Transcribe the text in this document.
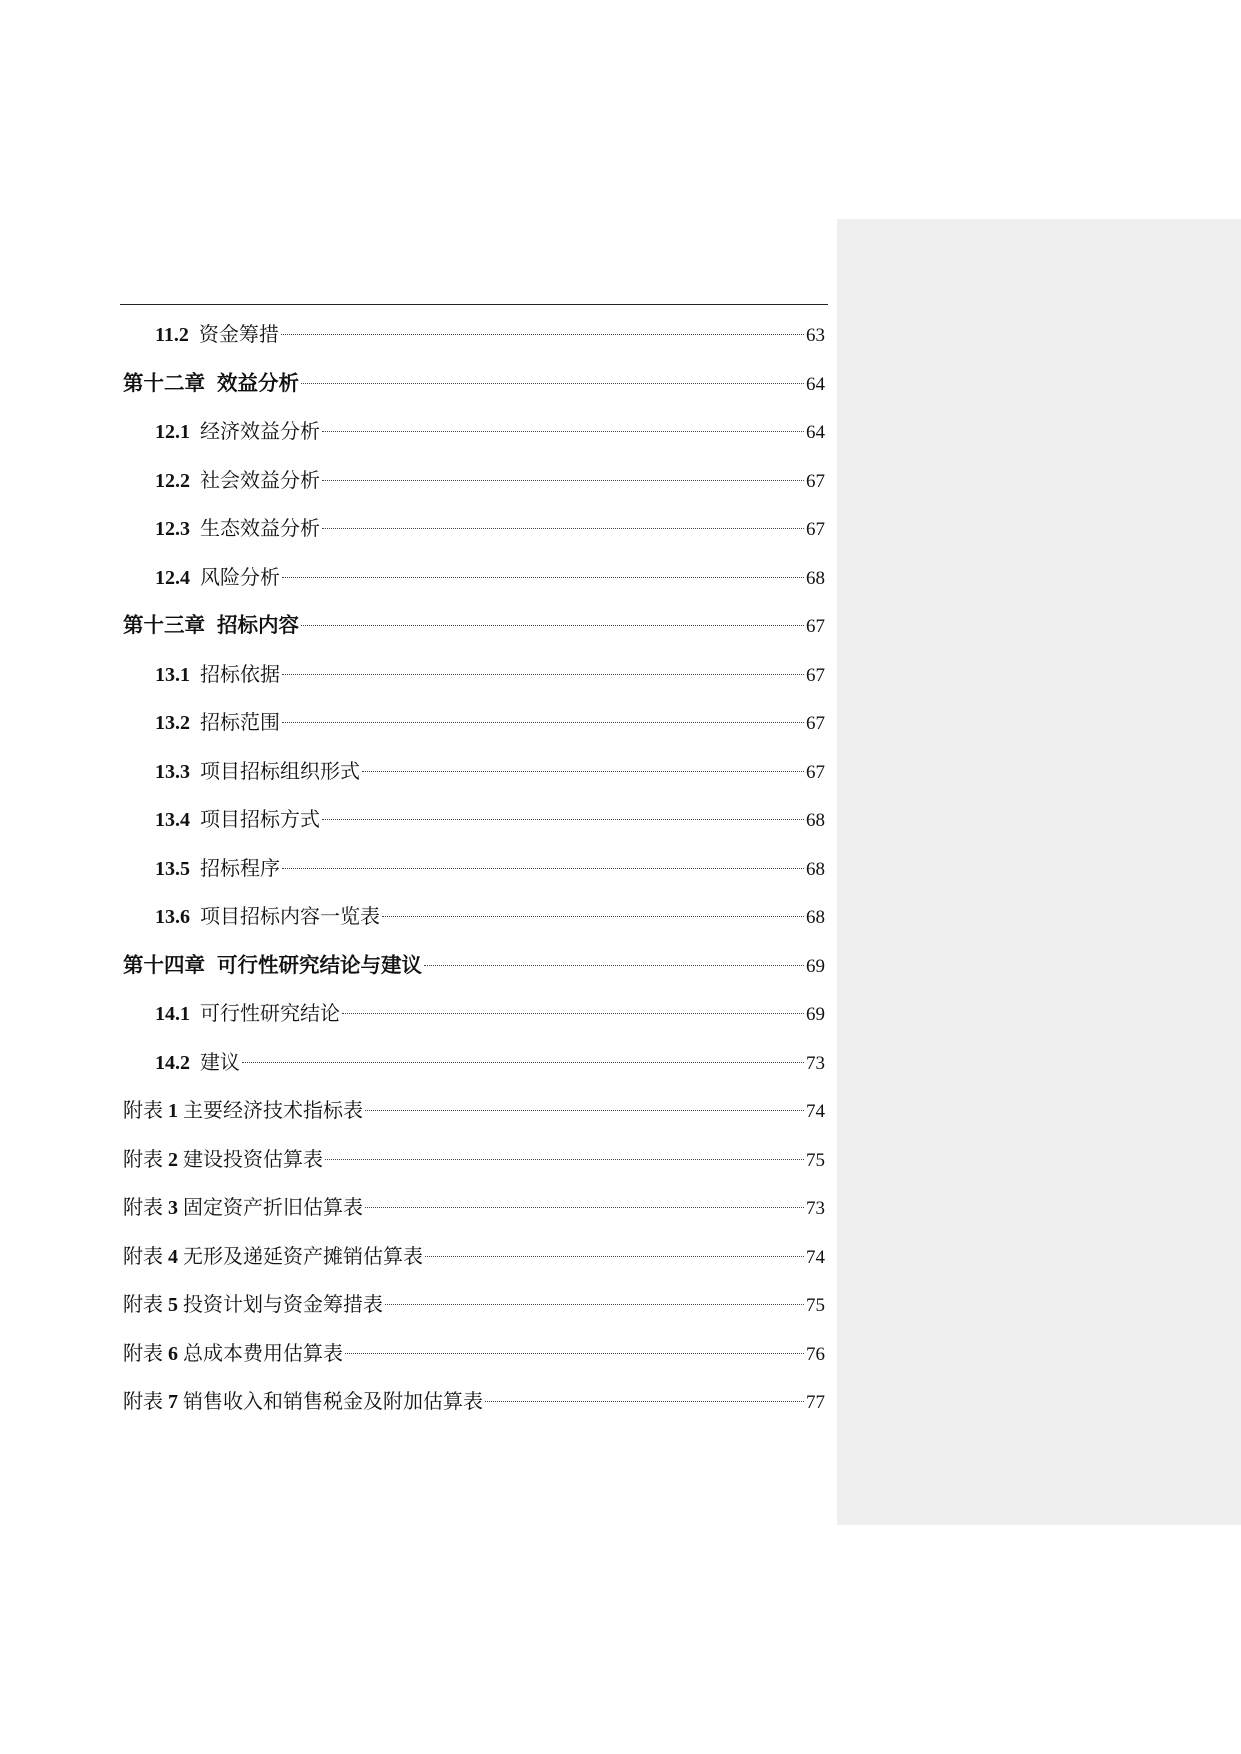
11.2 资金筹措	63
第十二章 效益分析	64
12.1 经济效益分析	64
12.2 社会效益分析	67
12.3 生态效益分析	67
12.4 风险分析	68
第十三章 招标内容	67
13.1 招标依据	67
13.2 招标范围	67
13.3 项目招标组织形式	67
13.4 项目招标方式	68
13.5 招标程序	68
13.6 项目招标内容一览表	68
第十四章 可行性研究结论与建议	69
14.1 可行性研究结论	69
14.2 建议	73
附表 1 主要经济技术指标表	74
附表 2 建设投资估算表	75
附表 3 固定资产折旧估算表	73
附表 4 无形及递延资产摊销估算表	74
附表 5 投资计划与资金筹措表	75
附表 6 总成本费用估算表	76
附表 7 销售收入和销售税金及附加估算表	77
